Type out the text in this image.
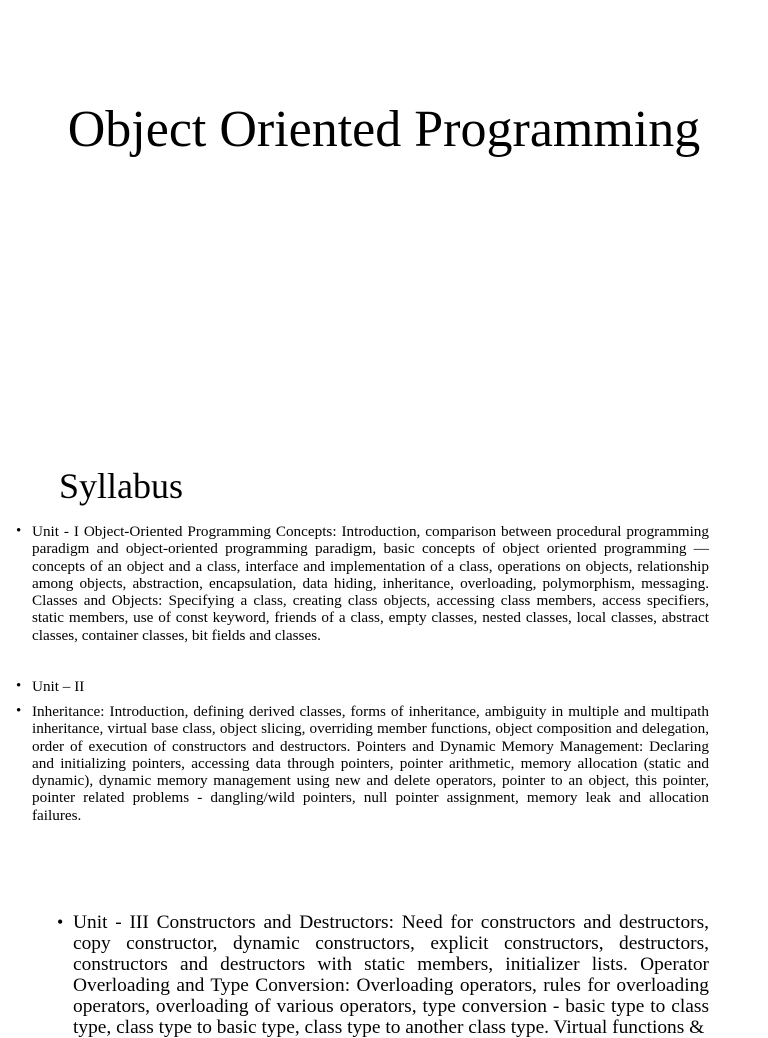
Object Oriented Programming
Syllabus
• Unit - I Object-Oriented Programming Concepts: Introduction, comparison between procedural programming paradigm and object-oriented programming paradigm, basic concepts of object oriented programming — concepts of an object and a class, interface and implementation of a class, operations on objects, relationship among objects, abstraction, encapsulation, data hiding, inheritance, overloading, polymorphism, messaging. Classes and Objects: Specifying a class, creating class objects, accessing class members, access specifiers, static members, use of const keyword, friends of a class, empty classes, nested classes, local classes, abstract classes, container classes, bit fields and classes.
• Unit – II
• Inheritance: Introduction, defining derived classes, forms of inheritance, ambiguity in multiple and multipath inheritance, virtual base class, object slicing, overriding member functions, object composition and delegation, order of execution of constructors and destructors. Pointers and Dynamic Memory Management: Declaring and initializing pointers, accessing data through pointers, pointer arithmetic, memory allocation (static and dynamic), dynamic memory management using new and delete operators, pointer to an object, this pointer, pointer related problems - dangling/wild pointers, null pointer assignment, memory leak and allocation failures.
• Unit - III Constructors and Destructors: Need for constructors and destructors, copy constructor, dynamic constructors, explicit constructors, destructors, constructors and destructors with static members, initializer lists. Operator Overloading and Type Conversion: Overloading operators, rules for overloading operators, overloading of various operators, type conversion - basic type to class type, class type to basic type, class type to another class type. Virtual functions &
